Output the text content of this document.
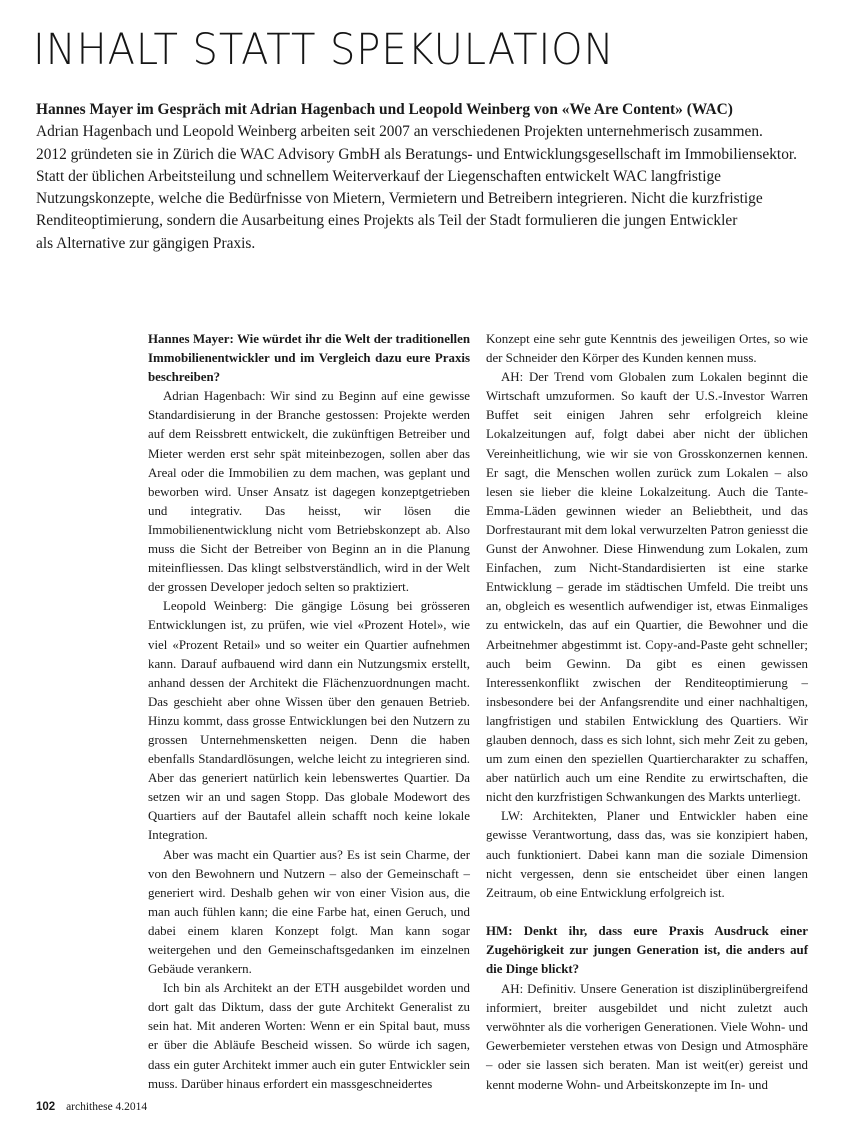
INHALT STATT SPEKULATION
Hannes Mayer im Gespräch mit Adrian Hagenbach und Leopold Weinberg von «We Are Content» (WAC)
Adrian Hagenbach und Leopold Weinberg arbeiten seit 2007 an verschiedenen Projekten unternehmerisch zusammen.
2012 gründeten sie in Zürich die WAC Advisory GmbH als Beratungs- und Entwicklungsgesellschaft im Immobiliensektor.
Statt der üblichen Arbeitsteilung und schnellem Weiterverkauf der Liegenschaften entwickelt WAC langfristige
Nutzungskonzepte, welche die Bedürfnisse von Mietern, Vermietern und Betreibern integrieren. Nicht die kurzfristige
Renditeoptimierung, sondern die Ausarbeitung eines Projekts als Teil der Stadt formulieren die jungen Entwickler
als Alternative zur gängigen Praxis.

Hannes Mayer: Wie würdet ihr die Welt der traditionellen Immobilienentwickler und im Vergleich dazu eure Praxis beschreiben?

Adrian Hagenbach: Wir sind zu Beginn auf eine gewisse Standardisierung in der Branche gestossen: Projekte werden auf dem Reissbrett entwickelt, die zukünftigen Betreiber und Mieter werden erst sehr spät miteinbezogen, sollen aber das Areal oder die Immobilien zu dem machen, was geplant und beworben wird. Unser Ansatz ist dagegen konzeptgetrieben und integrativ. Das heisst, wir lösen die Immobilienentwicklung nicht vom Betriebskonzept ab. Also muss die Sicht der Betreiber von Beginn an in die Planung miteinfliessen. Das klingt selbstverständlich, wird in der Welt der grossen Developer jedoch selten so praktiziert.

Leopold Weinberg: Die gängige Lösung bei grösseren Entwicklungen ist, zu prüfen, wie viel «Prozent Hotel», wie viel «Prozent Retail» und so weiter ein Quartier aufnehmen kann. Darauf aufbauend wird dann ein Nutzungsmix erstellt, anhand dessen der Architekt die Flächenzuordnungen macht. Das geschieht aber ohne Wissen über den genauen Betrieb. Hinzu kommt, dass grosse Entwicklungen bei den Nutzern zu grossen Unternehmensketten neigen. Denn die haben ebenfalls Standardlösungen, welche leicht zu integrieren sind. Aber das generiert natürlich kein lebenswertes Quartier. Da setzen wir an und sagen Stopp. Das globale Modewort des Quartiers auf der Bautafel allein schafft noch keine lokale Integration.

Aber was macht ein Quartier aus? Es ist sein Charme, der von den Bewohnern und Nutzern – also der Gemeinschaft – generiert wird. Deshalb gehen wir von einer Vision aus, die man auch fühlen kann; die eine Farbe hat, einen Geruch, und dabei einem klaren Konzept folgt. Man kann sogar weitergehen und den Gemeinschaftsgedanken im einzelnen Gebäude verankern.

Ich bin als Architekt an der ETH ausgebildet worden und dort galt das Diktum, dass der gute Architekt Generalist zu sein hat. Mit anderen Worten: Wenn er ein Spital baut, muss er über die Abläufe Bescheid wissen. So würde ich sagen, dass ein guter Architekt immer auch ein guter Entwickler sein muss. Darüber hinaus erfordert ein massgeschneidertes

Konzept eine sehr gute Kenntnis des jeweiligen Ortes, so wie der Schneider den Körper des Kunden kennen muss.

AH: Der Trend vom Globalen zum Lokalen beginnt die Wirtschaft umzuformen. So kauft der U.S.-Investor Warren Buffet seit einigen Jahren sehr erfolgreich kleine Lokalzeitungen auf, folgt dabei aber nicht der üblichen Vereinheitlichung, wie wir sie von Grosskonzernen kennen. Er sagt, die Menschen wollen zurück zum Lokalen – also lesen sie lieber die kleine Lokalzeitung. Auch die Tante-Emma-Läden gewinnen wieder an Beliebtheit, und das Dorfrestaurant mit dem lokal verwurzelten Patron geniesst die Gunst der Anwohner. Diese Hinwendung zum Lokalen, zum Einfachen, zum Nicht-Standardisierten ist eine starke Entwicklung – gerade im städtischen Umfeld. Die treibt uns an, obgleich es wesentlich aufwendiger ist, etwas Einmaliges zu entwickeln, das auf ein Quartier, die Bewohner und die Arbeitnehmer abgestimmt ist. Copy-and-Paste geht schneller; auch beim Gewinn. Da gibt es einen gewissen Interessenkonflikt zwischen der Renditeoptimierung – insbesondere bei der Anfangsrendite und einer nachhaltigen, langfristigen und stabilen Entwicklung des Quartiers. Wir glauben dennoch, dass es sich lohnt, sich mehr Zeit zu geben, um zum einen den speziellen Quartiercharakter zu schaffen, aber natürlich auch um eine Rendite zu erwirtschaften, die nicht den kurzfristigen Schwankungen des Markts unterliegt.

LW: Architekten, Planer und Entwickler haben eine gewisse Verantwortung, dass das, was sie konzipiert haben, auch funktioniert. Dabei kann man die soziale Dimension nicht vergessen, denn sie entscheidet über einen langen Zeitraum, ob eine Entwicklung erfolgreich ist.

HM: Denkt ihr, dass eure Praxis Ausdruck einer Zugehörigkeit zur jungen Generation ist, die anders auf die Dinge blickt?

AH: Definitiv. Unsere Generation ist disziplinübergreifend informiert, breiter ausgebildet und nicht zuletzt auch verwöhnter als die vorherigen Generationen. Viele Wohn- und Gewerbemieter verstehen etwas von Design und Atmosphäre – oder sie lassen sich beraten. Man ist weit(er) gereist und kennt moderne Wohn- und Arbeitskonzepte im In- und

102 archithese 4.2014
